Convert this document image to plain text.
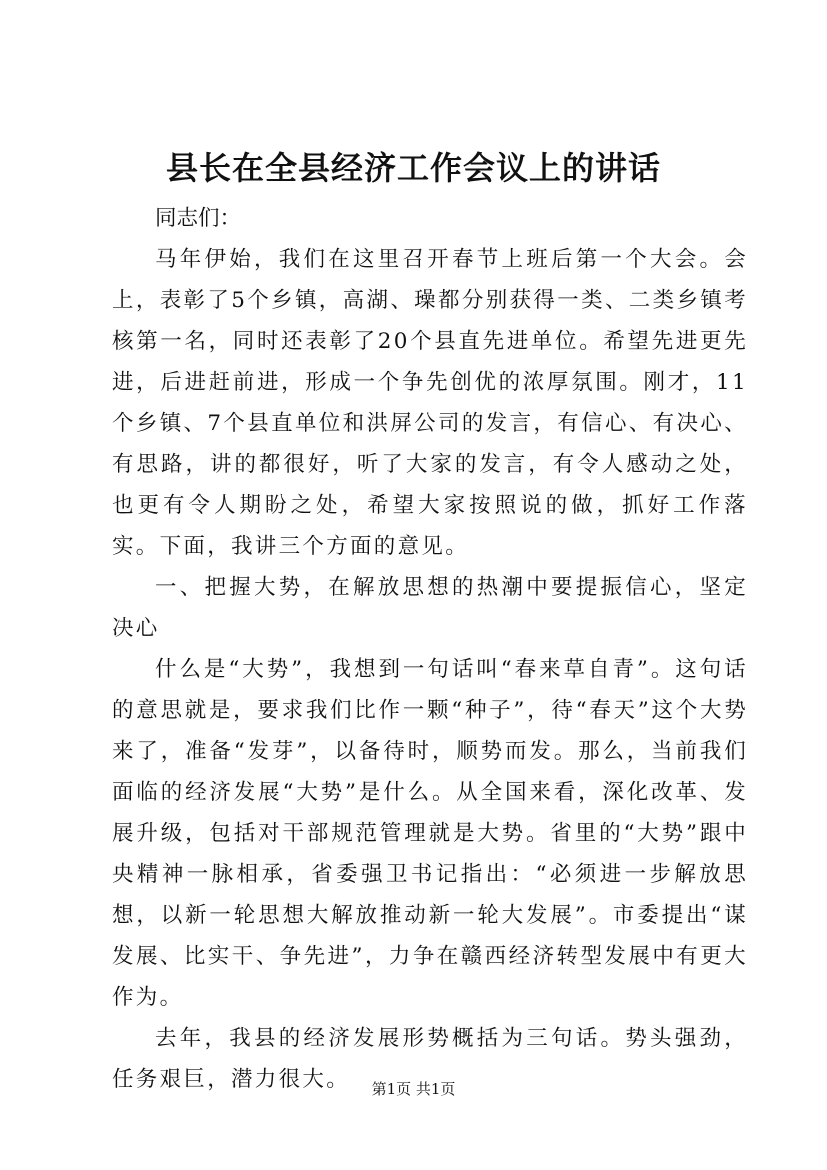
县长在全县经济工作会议上的讲话

同志们：

马年伊始，我们在这里召开春节上班后第一个大会。会上，表彰了5个乡镇，高湖、璪都分别获得一类、二类乡镇考核第一名，同时还表彰了20个县直先进单位。希望先进更先进，后进赶前进，形成一个争先创优的浓厚氛围。刚才，11个乡镇、7个县直单位和洪屏公司的发言，有信心、有决心、有思路，讲的都很好，听了大家的发言，有令人感动之处，也更有令人期盼之处，希望大家按照说的做，抓好工作落实。下面，我讲三个方面的意见。

一、把握大势，在解放思想的热潮中要提振信心，坚定决心

什么是“大势”，我想到一句话叫“春来草自青”。这句话的意思就是，要求我们比作一颗“种子”，待“春天”这个大势来了，准备“发芽”，以备待时，顺势而发。那么，当前我们面临的经济发展“大势”是什么。从全国来看，深化改革、发展升级，包括对干部规范管理就是大势。省里的“大势”跟中央精神一脉相承，省委强卫书记指出：“必须进一步解放思想，以新一轮思想大解放推动新一轮大发展”。市委提出“谋发展、比实干、争先进”，力争在赣西经济转型发展中有更大作为。

去年，我县的经济发展形势概括为三句话。势头强劲，任务艰巨，潜力很大。	第1页 共1页
